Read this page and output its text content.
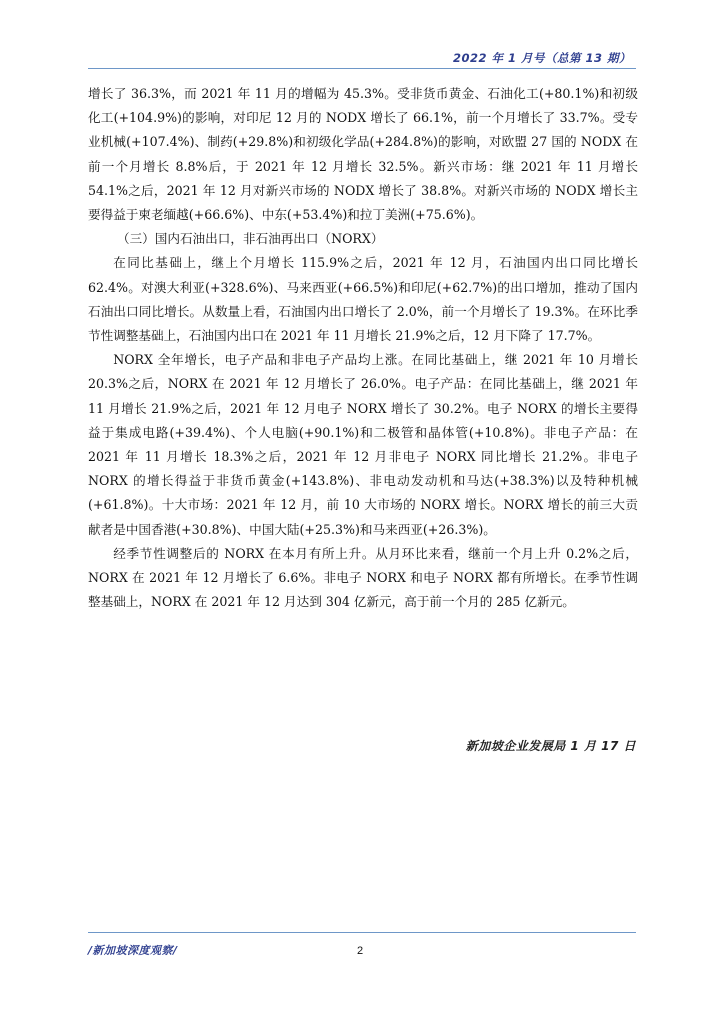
2022 年 1 月号（总第 13 期）

增长了 36.3%，而 2021 年 11 月的增幅为 45.3%。受非货币黄金、石油化工(+80.1%)和初级化工(+104.9%)的影响，对印尼 12 月的 NODX 增长了 66.1%，前一个月增长了 33.7%。受专业机械(+107.4%)、制药(+29.8%)和初级化学品(+284.8%)的影响，对欧盟 27 国的 NODX 在前一个月增长 8.8%后，于 2021 年 12 月增长 32.5%。新兴市场：继 2021 年 11 月增长 54.1%之后，2021 年 12 月对新兴市场的 NODX 增长了 38.8%。对新兴市场的 NODX 增长主要得益于柬老缅越(+66.6%)、中东(+53.4%)和拉丁美洲(+75.6%)。

（三）国内石油出口，非石油再出口（NORX）

在同比基础上，继上个月增长 115.9%之后，2021 年 12 月，石油国内出口同比增长 62.4%。对澳大利亚(+328.6%)、马来西亚(+66.5%)和印尼(+62.7%)的出口增加，推动了国内石油出口同比增长。从数量上看，石油国内出口增长了 2.0%，前一个月增长了 19.3%。在环比季节性调整基础上，石油国内出口在 2021 年 11 月增长 21.9%之后，12 月下降了 17.7%。

NORX 全年增长，电子产品和非电子产品均上涨。在同比基础上，继 2021 年 10 月增长 20.3%之后，NORX 在 2021 年 12 月增长了 26.0%。电子产品：在同比基础上，继 2021 年 11 月增长 21.9%之后，2021 年 12 月电子 NORX 增长了 30.2%。电子 NORX 的增长主要得益于集成电路(+39.4%)、个人电脑(+90.1%)和二极管和晶体管(+10.8%)。非电子产品：在 2021 年 11 月增长 18.3%之后，2021 年 12 月非电子 NORX 同比增长 21.2%。非电子 NORX 的增长得益于非货币黄金(+143.8%)、非电动发动机和马达(+38.3%)以及特种机械(+61.8%)。十大市场：2021 年 12 月，前 10 大市场的 NORX 增长。NORX 增长的前三大贡献者是中国香港(+30.8%)、中国大陆(+25.3%)和马来西亚(+26.3%)。

经季节性调整后的 NORX 在本月有所上升。从月环比来看，继前一个月上升 0.2%之后，NORX 在 2021 年 12 月增长了 6.6%。非电子 NORX 和电子 NORX 都有所增长。在季节性调整基础上，NORX 在 2021 年 12 月达到 304 亿新元，高于前一个月的 285 亿新元。

新加坡企业发展局 1 月 17 日
/新加坡深度观察/	2
